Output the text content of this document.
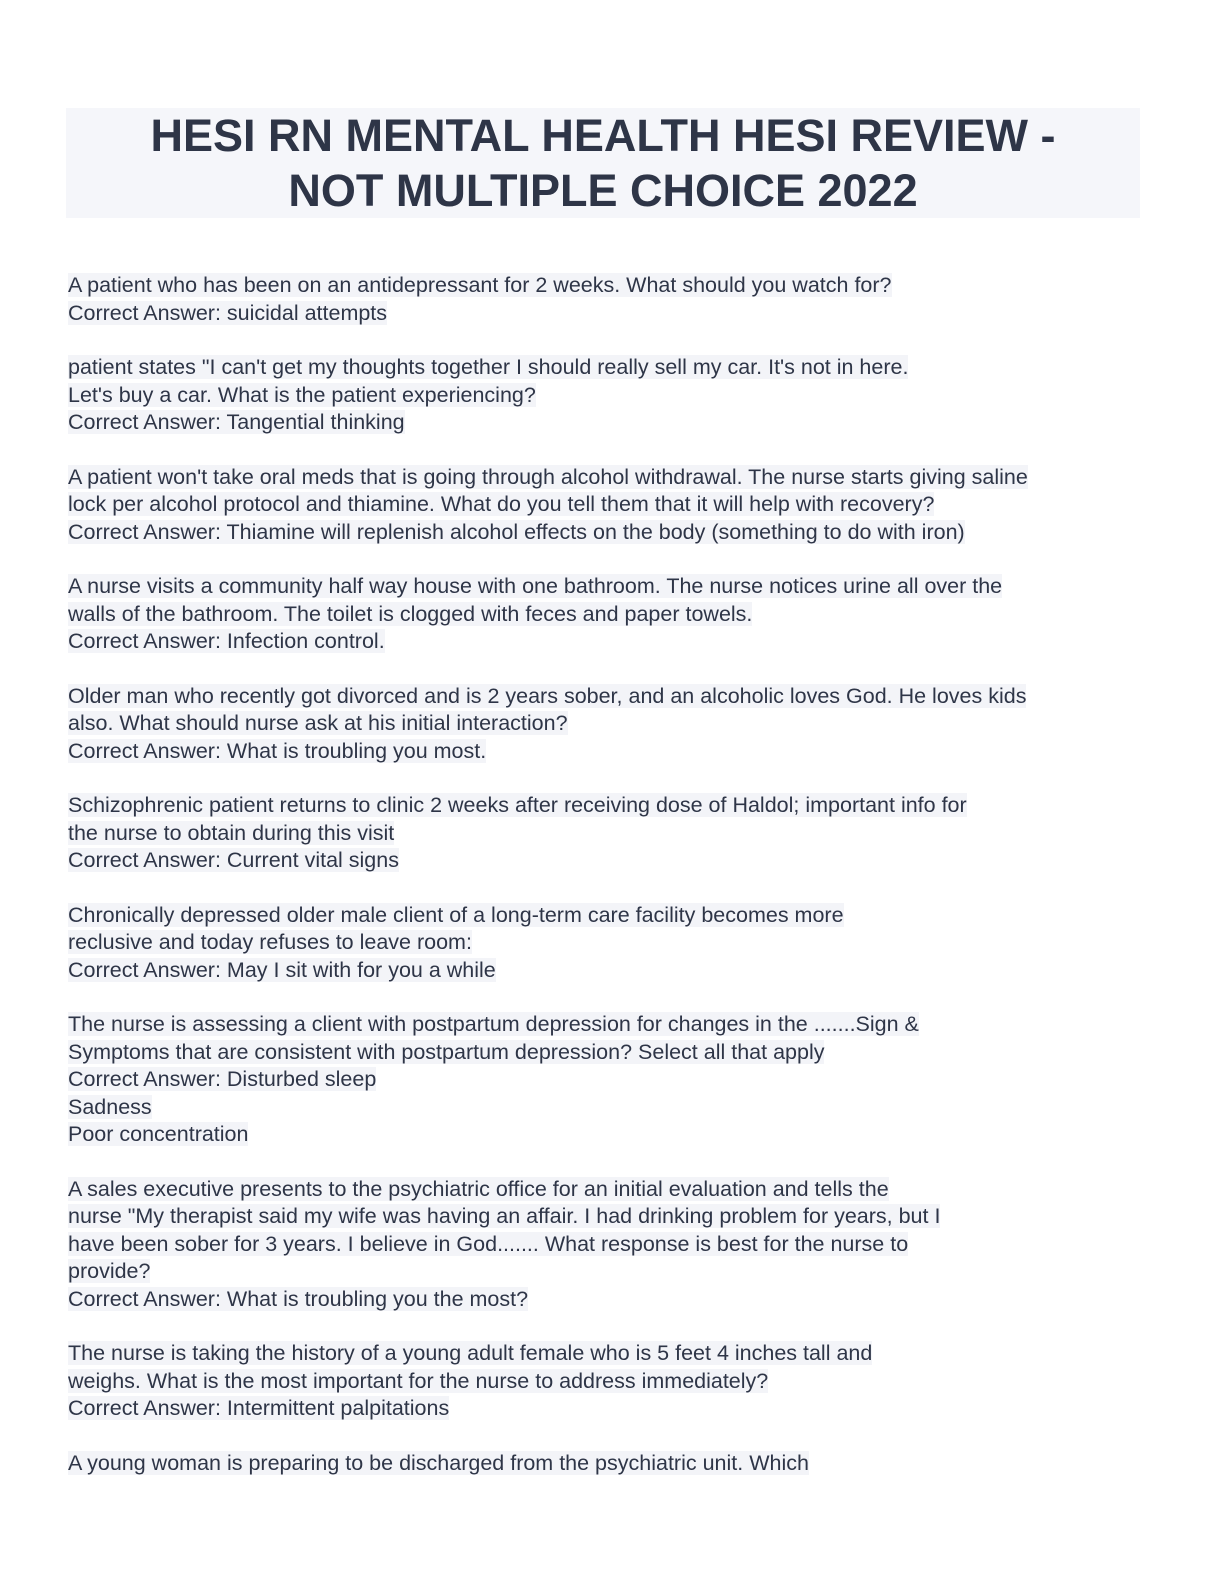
HESI RN MENTAL HEALTH HESI REVIEW -
NOT MULTIPLE CHOICE 2022
A patient who has been on an antidepressant for 2 weeks. What should you watch for?
Correct Answer: suicidal attempts
patient states "I can't get my thoughts together I should really sell my car. It's not in here.
Let's buy a car. What is the patient experiencing?
Correct Answer: Tangential thinking
A patient won't take oral meds that is going through alcohol withdrawal. The nurse starts giving saline
lock per alcohol protocol and thiamine. What do you tell them that it will help with recovery?
Correct Answer: Thiamine will replenish alcohol effects on the body (something to do with iron)
A nurse visits a community half way house with one bathroom. The nurse notices urine all over the
walls of the bathroom. The toilet is clogged with feces and paper towels.
Correct Answer: Infection control.
Older man who recently got divorced and is 2 years sober, and an alcoholic loves God. He loves kids
also. What should nurse ask at his initial interaction?
Correct Answer: What is troubling you most.
Schizophrenic patient returns to clinic 2 weeks after receiving dose of Haldol; important info for
the nurse to obtain during this visit
Correct Answer: Current vital signs
Chronically depressed older male client of a long-term care facility becomes more
reclusive and today refuses to leave room:
Correct Answer: May I sit with for you a while
The nurse is assessing a client with postpartum depression for changes in the .......Sign &
Symptoms that are consistent with postpartum depression? Select all that apply
Correct Answer: Disturbed sleep
Sadness
Poor concentration
A sales executive presents to the psychiatric office for an initial evaluation and tells the
nurse "My therapist said my wife was having an affair. I had drinking problem for years, but I
have been sober for 3 years. I believe in God....... What response is best for the nurse to
provide?
Correct Answer: What is troubling you the most?
The nurse is taking the history of a young adult female who is 5 feet 4 inches tall and
weighs. What is the most important for the nurse to address immediately?
Correct Answer: Intermittent palpitations
A young woman is preparing to be discharged from the psychiatric unit. Which
